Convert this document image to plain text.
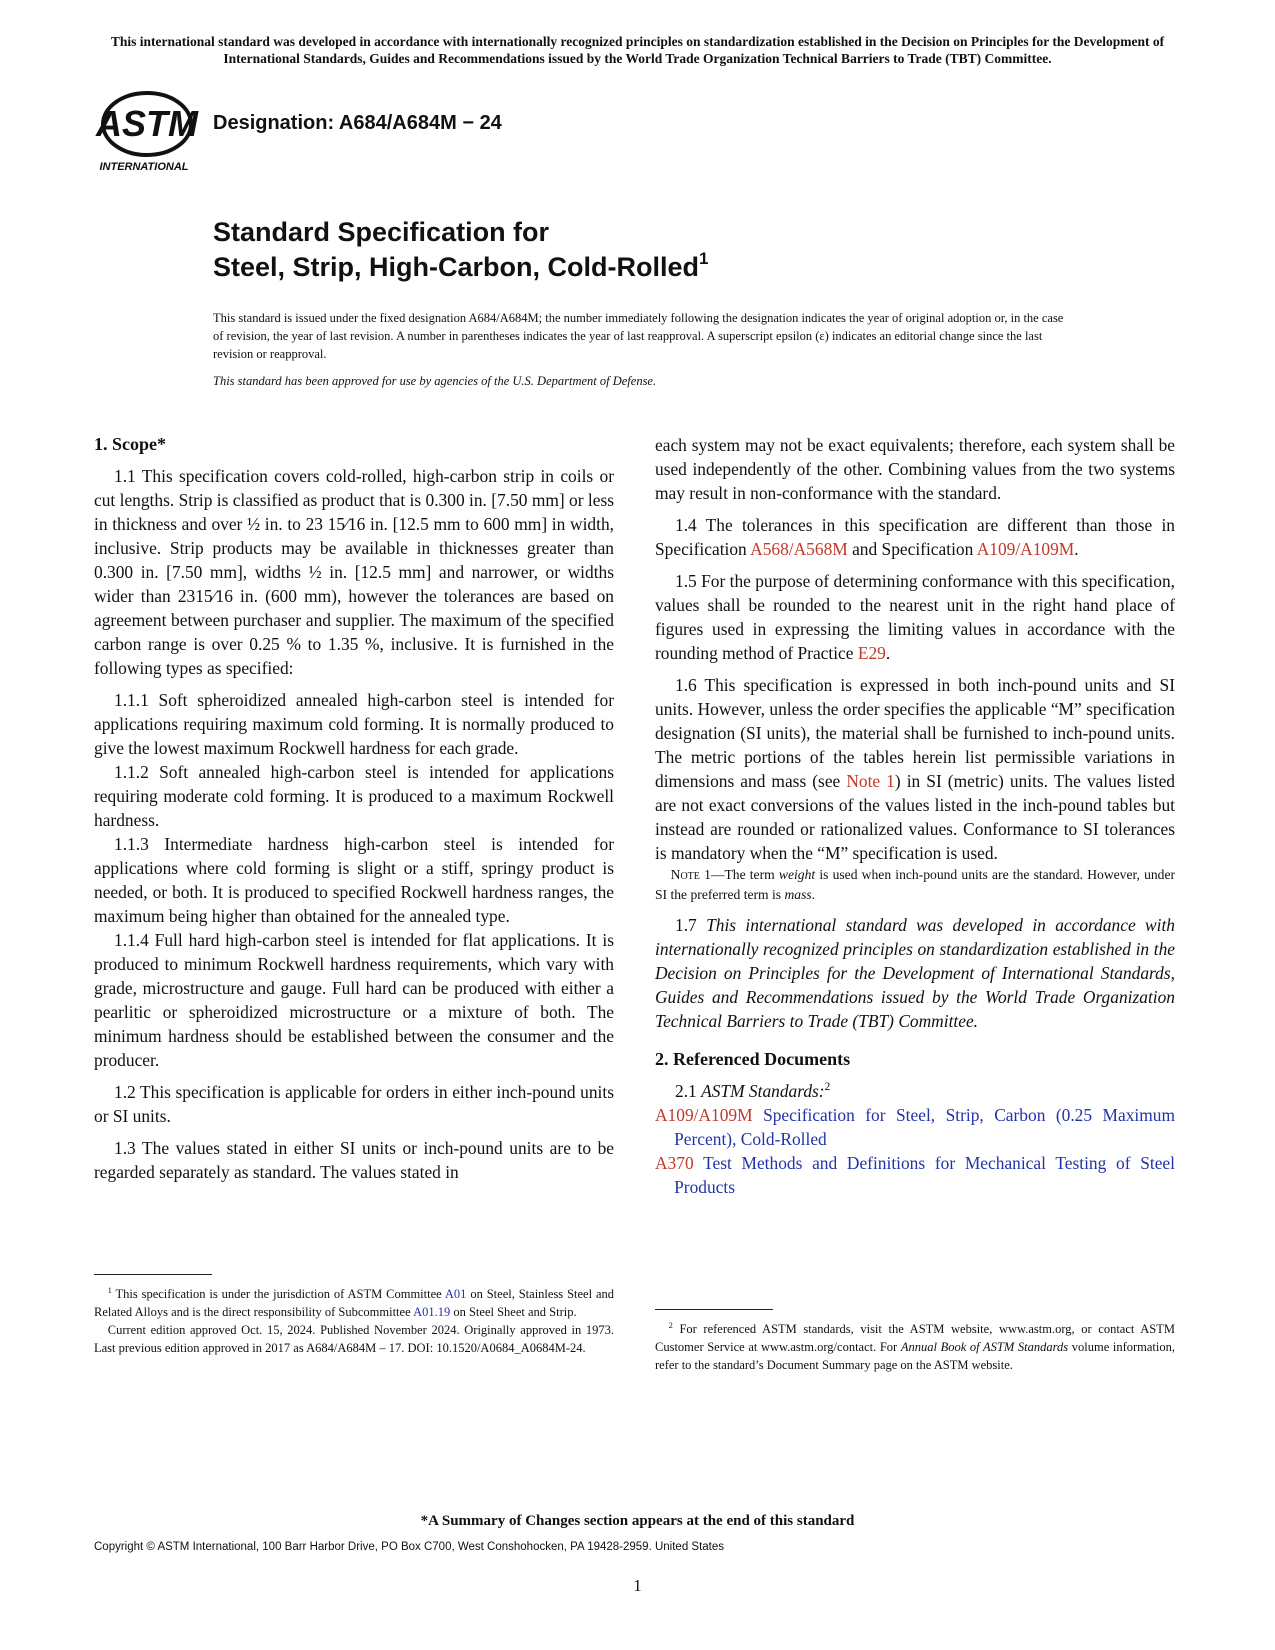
This international standard was developed in accordance with internationally recognized principles on standardization established in the Decision on Principles for the Development of International Standards, Guides and Recommendations issued by the World Trade Organization Technical Barriers to Trade (TBT) Committee.
ASTM
INTERNATIONAL
Designation: A684/A684M − 24
Standard Specification for
Steel, Strip, High-Carbon, Cold-Rolled$^1$

This standard is issued under the fixed designation A684/A684M; the number immediately following the designation indicates the year of original adoption or, in the case of revision, the year of last revision. A number in parentheses indicates the year of last reapproval. A superscript epsilon (ε) indicates an editorial change since the last revision or reapproval.

This standard has been approved for use by agencies of the U.S. Department of Defense.

1. Scope*

1.1 This specification covers cold-rolled, high-carbon strip in coils or cut lengths. Strip is classified as product that is 0.300 in. [7.50 mm] or less in thickness and over ½ in. to 23 15⁄16 in. [12.5 mm to 600 mm] in width, inclusive. Strip products may be available in thicknesses greater than 0.300 in. [7.50 mm], widths ½ in. [12.5 mm] and narrower, or widths wider than 2315⁄16 in. (600 mm), however the tolerances are based on agreement between purchaser and supplier. The maximum of the specified carbon range is over 0.25 % to 1.35 %, inclusive. It is furnished in the following types as specified:

1.1.1 Soft spheroidized annealed high-carbon steel is intended for applications requiring maximum cold forming. It is normally produced to give the lowest maximum Rockwell hardness for each grade.

1.1.2 Soft annealed high-carbon steel is intended for applications requiring moderate cold forming. It is produced to a maximum Rockwell hardness.

1.1.3 Intermediate hardness high-carbon steel is intended for applications where cold forming is slight or a stiff, springy product is needed, or both. It is produced to specified Rockwell hardness ranges, the maximum being higher than obtained for the annealed type.

1.1.4 Full hard high-carbon steel is intended for flat applications. It is produced to minimum Rockwell hardness requirements, which vary with grade, microstructure and gauge. Full hard can be produced with either a pearlitic or spheroidized microstructure or a mixture of both. The minimum hardness should be established between the consumer and the producer.

1.2 This specification is applicable for orders in either inch-pound units or SI units.

1.3 The values stated in either SI units or inch-pound units are to be regarded separately as standard. The values stated in

each system may not be exact equivalents; therefore, each system shall be used independently of the other. Combining values from the two systems may result in non-conformance with the standard.

1.4 The tolerances in this specification are different than those in Specification A568/A568M and Specification A109/A109M.

1.5 For the purpose of determining conformance with this specification, values shall be rounded to the nearest unit in the right hand place of figures used in expressing the limiting values in accordance with the rounding method of Practice E29.

1.6 This specification is expressed in both inch-pound units and SI units. However, unless the order specifies the applicable “M” specification designation (SI units), the material shall be furnished to inch-pound units. The metric portions of the tables herein list permissible variations in dimensions and mass (see Note 1) in SI (metric) units. The values listed are not exact conversions of the values listed in the inch-pound tables but instead are rounded or rationalized values. Conformance to SI tolerances is mandatory when the “M” specification is used.

Note 1—The term weight is used when inch-pound units are the standard. However, under SI the preferred term is mass.

1.7 This international standard was developed in accordance with internationally recognized principles on standardization established in the Decision on Principles for the Development of International Standards, Guides and Recommendations issued by the World Trade Organization Technical Barriers to Trade (TBT) Committee.

2. Referenced Documents

2.1 ASTM Standards:$^2$

A109/A109M Specification for Steel, Strip, Carbon (0.25 Maximum Percent), Cold-Rolled
A370 Test Methods and Definitions for Mechanical Testing of Steel Products

$^1$ This specification is under the jurisdiction of ASTM Committee A01 on Steel, Stainless Steel and Related Alloys and is the direct responsibility of Subcommittee A01.19 on Steel Sheet and Strip.

Current edition approved Oct. 15, 2024. Published November 2024. Originally approved in 1973. Last previous edition approved in 2017 as A684/A684M – 17. DOI: 10.1520/A0684_A0684M-24.

$^2$ For referenced ASTM standards, visit the ASTM website, www.astm.org, or contact ASTM Customer Service at www.astm.org/contact. For Annual Book of ASTM Standards volume information, refer to the standard’s Document Summary page on the ASTM website.

*A Summary of Changes section appears at the end of this standard
Copyright © ASTM International, 100 Barr Harbor Drive, PO Box C700, West Conshohocken, PA 19428-2959. United States
1
